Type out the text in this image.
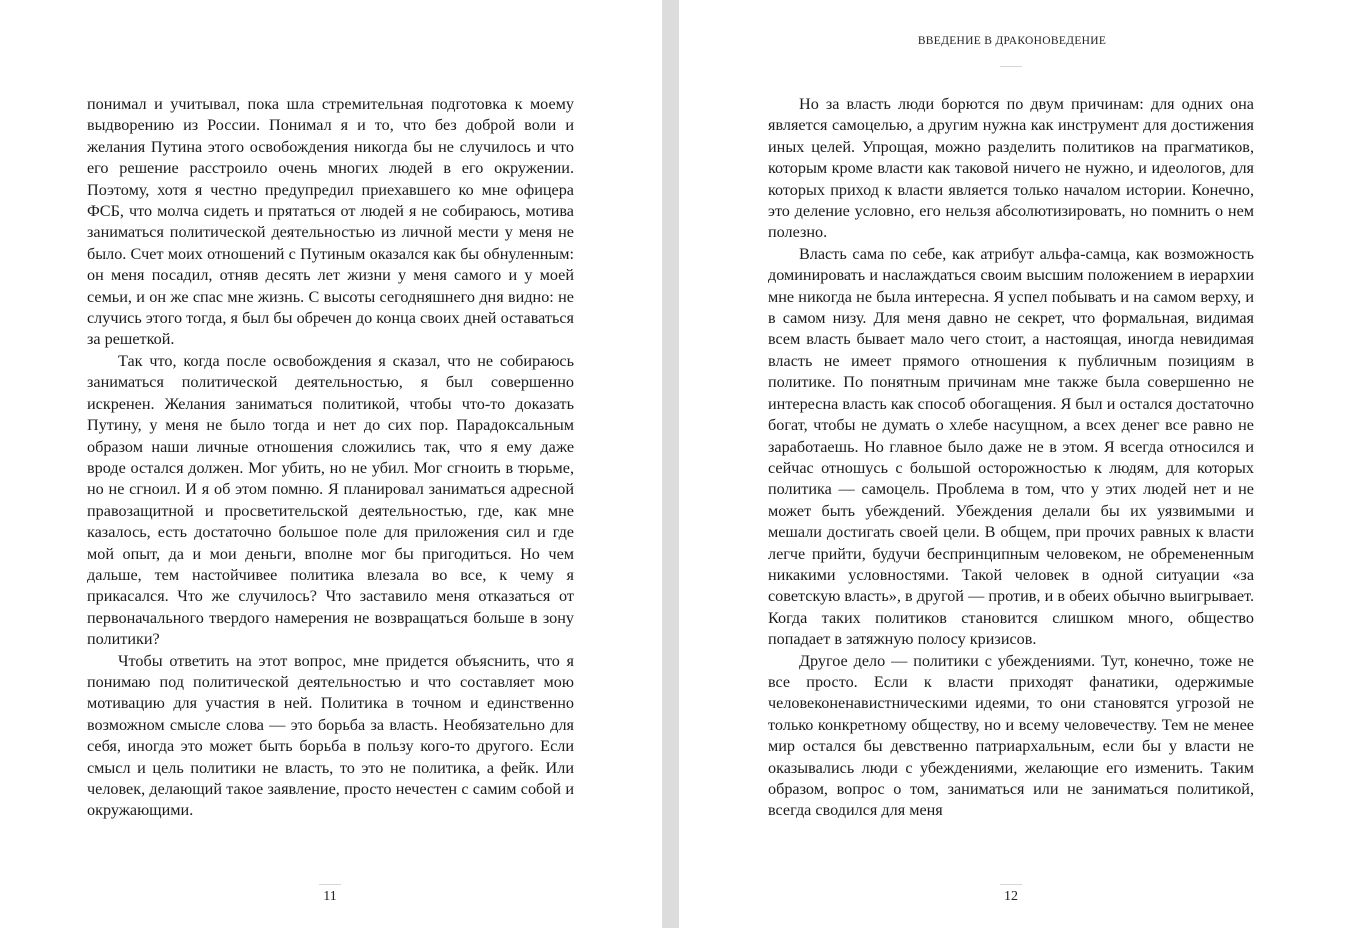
понимал и учитывал, пока шла стремительная подготовка к моему выдворению из России. Понимал я и то, что без доброй воли и желания Путина этого освобождения никогда бы не случилось и что его решение расстроило очень многих людей в его окружении. Поэтому, хотя я честно предупредил приехавшего ко мне офицера ФСБ, что молча сидеть и прятаться от людей я не собираюсь, мотива заниматься политической деятельностью из личной мести у меня не было. Счет моих отношений с Путиным оказался как бы обнуленным: он меня посадил, отняв десять лет жизни у меня самого и у моей семьи, и он же спас мне жизнь. С высоты сегодняшнего дня видно: не случись этого тогда, я был бы обречен до конца своих дней оставаться за решеткой.

Так что, когда после освобождения я сказал, что не собираюсь заниматься политической деятельностью, я был совершенно искренен. Желания заниматься политикой, чтобы что-то доказать Путину, у меня не было тогда и нет до сих пор. Парадоксальным образом наши личные отношения сложились так, что я ему даже вроде остался должен. Мог убить, но не убил. Мог сгноить в тюрьме, но не сгноил. И я об этом помню. Я планировал заниматься адресной правозащитной и просветительской деятельностью, где, как мне казалось, есть достаточно большое поле для приложения сил и где мой опыт, да и мои деньги, вполне мог бы пригодиться. Но чем дальше, тем настойчивее политика влезала во все, к чему я прикасался. Что же случилось? Что заставило меня отказаться от первоначального твердого намерения не возвращаться больше в зону политики?

Чтобы ответить на этот вопрос, мне придется объяснить, что я понимаю под политической деятельностью и что составляет мою мотивацию для участия в ней. Политика в точном и единственно возможном смысле слова — это борьба за власть. Необязательно для себя, иногда это может быть борьба в пользу кого-то другого. Если смысл и цель политики не власть, то это не политика, а фейк. Или человек, делающий такое заявление, просто нечестен с самим собой и окружающими.

11
ВВЕДЕНИЕ В ДРАКОНОВЕДЕНИЕ

Но за власть люди борются по двум причинам: для одних она является самоцелью, а другим нужна как инструмент для достижения иных целей. Упрощая, можно разделить политиков на прагматиков, которым кроме власти как таковой ничего не нужно, и идеологов, для которых приход к власти является только началом истории. Конечно, это деление условно, его нельзя абсолютизировать, но помнить о нем полезно.

Власть сама по себе, как атрибут альфа-самца, как возможность доминировать и наслаждаться своим высшим положением в иерархии мне никогда не была интересна. Я успел побывать и на самом верху, и в самом низу. Для меня давно не секрет, что формальная, видимая всем власть бывает мало чего стоит, а настоящая, иногда невидимая власть не имеет прямого отношения к публичным позициям в политике. По понятным причинам мне также была совершенно не интересна власть как способ обогащения. Я был и остался достаточно богат, чтобы не думать о хлебе насущном, а всех денег все равно не заработаешь. Но главное было даже не в этом. Я всегда относился и сейчас отношусь с большой осторожностью к людям, для которых политика — самоцель. Проблема в том, что у этих людей нет и не может быть убеждений. Убеждения делали бы их уязвимыми и мешали достигать своей цели. В общем, при прочих равных к власти легче прийти, будучи беспринципным человеком, не обремененным никакими условностями. Такой человек в одной ситуации «за советскую власть», в другой — против, и в обеих обычно выигрывает. Когда таких политиков становится слишком много, общество попадает в затяжную полосу кризисов.

Другое дело — политики с убеждениями. Тут, конечно, тоже не все просто. Если к власти приходят фанатики, одержимые человеконенавистническими идеями, то они становятся угрозой не только конкретному обществу, но и всему человечеству. Тем не менее мир остался бы девственно патриархальным, если бы у власти не оказывались люди с убеждениями, желающие его изменить. Таким образом, вопрос о том, заниматься или не заниматься политикой, всегда сводился для меня

12
